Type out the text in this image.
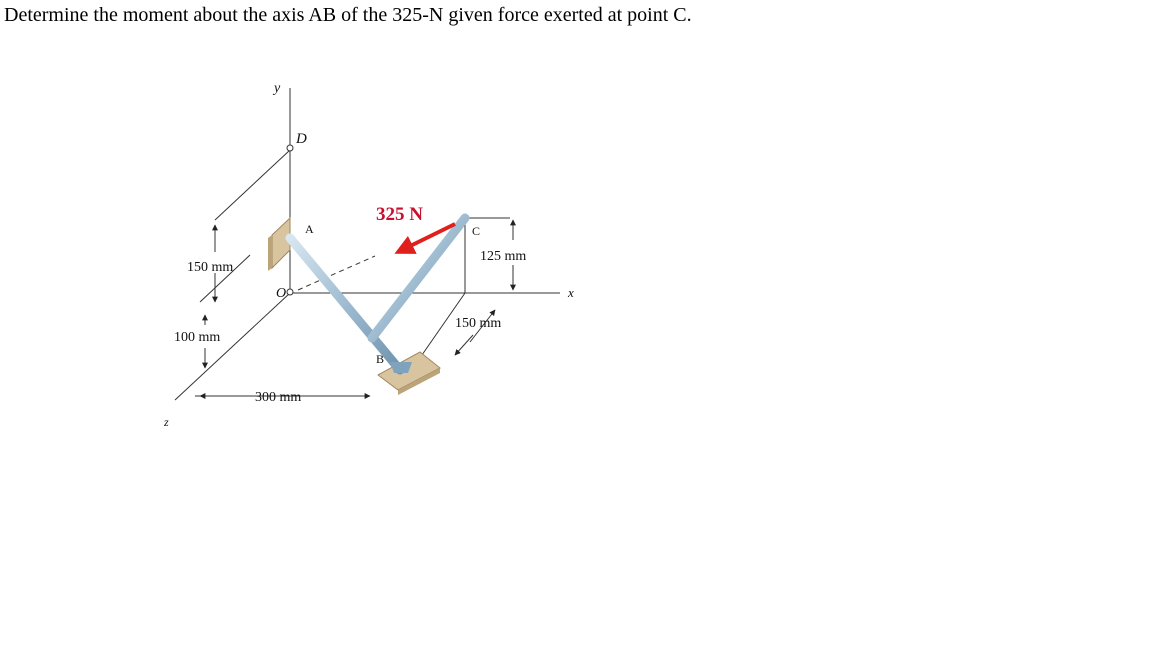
Determine the moment about the axis AB of the 325-N given force exerted at point C.
y
x
z
D
A
O
C
B
325 N
150 mm
100 mm
300 mm
125 mm
150 mm
